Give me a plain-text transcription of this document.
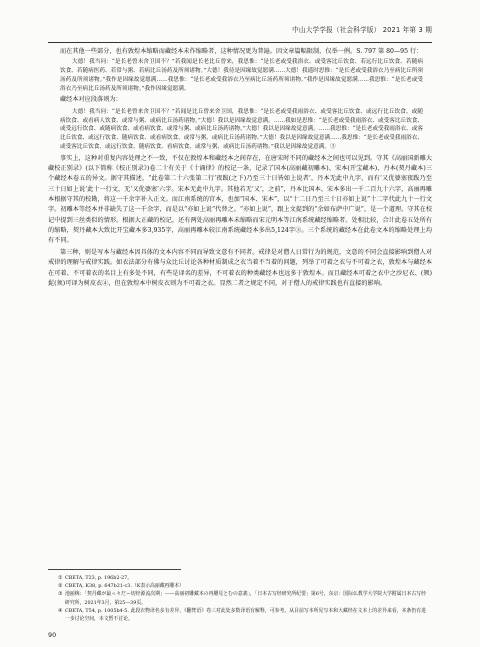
中山大学学报（社会科学版） 2021 年第 3 期

而在其他一些部分，也有敦煌本缩略而藏经本未作缩略者，这种情况更为普遍。因文章篇幅限制，仅举一例。S. 797 第 80—95 行：

大德！我当问：“是长老曾未舍卫国不？”若我闻是长老比丘曾来，我思惟：“是长老或受我浴衣、或受客比丘饮食、若远行比丘饮食、若随病饮食、若随病医药、若常与粥、若病比丘汤药及所须诸物。”大德！我待是因缘故觉愿满……大德！我遥时思惟：“是长老或受我浴衣乃至病比丘所须汤药及所须诸物。”我作是因缘故觉愿满……我思惟：“是长老或受我浴衣乃至病比丘汤药所须诸物。”我作是因缘故觉愿满……我思惟：“是长老或受浴衣乃至病比丘汤药及所须诸物。”我作因缘觉愿满。

藏经本对应段落则为：

大德！我当问：“是长老曾来舍卫国不？”若闻是比丘曾来舍卫国，我思惟：“是长老或受我雨浴衣、或受客比丘饮食、或远行比丘饮食、或随病饮食、或看病人饮食、或常与粥、或病比丘汤药诸物。”大德！我以是因缘故觉意满。……我如是思惟：“是长老或受我雨浴衣、或受客比丘饮食、或受远行饮食、或随病饮食、或看病饮食、或常与粥、或病比丘汤药诸物。”大德！我以是因缘故觉意满。……我思惟：“是长老或受我雨浴衣、或客比丘饮食、或远行饮食、随病饮食、或看病饮食、或常与粥、或病比丘汤药诸物。”大德！我以是因缘故觉意满……我思惟：“是长老或受我雨浴衣、或受客比丘饮食、或远行饮食、随病饮食、看病饮食、或常与粥、或病比丘汤药诸物。”我以是因缘故觉意满。③

事实上，这种对重复内容处理之不一致，不仅在敦煌本和藏经本之间存在，在唐宋时不同的藏经本之间也可以见到。守其《高丽国新雕大藏校正别录》(以下简称《校正别录》)卷二十有关于《十诵律》的校记一条，记录了国本(高丽藏初雕本)、宋本(开宝藏本)、丹本(契丹藏本)三个藏经本卷五的异文。据守其描述，“此卷第二十六张第二行‘夜跋(之下)乃至三十日皆如上说者’，丹本无此中九字，而有‘又优婆塞夜跋乃至三十日如上说’此十一行文，无‘又优婆塞’六字。宋本无此中九字。其他若无‘又’，之前”，丹本比国本、宋本多出一千二百九十六字，高丽再雕本根据守其的校勘，将这一千余字补入正文。而江南系统的宫本，也加“国本、宋本”，以“十二日乃至三十日亦如上说”十二字代此九十一行文字。初雕本等经本并非缺失了这一千余字，而是以“亦如上说”代替之。“亦如上说”，跟上文提到的“余如布萨中广说”，是一个道理。守其在校记中提到三丝类似的情形。根据大正藏的校记，还有两处高丽再雕本未缩略而宋元明本等江南系统藏经缩略者。处相比较，合计此卷五处所有的缩略，契丹藏本大致比开宝藏本多3,935字，高丽再雕本较江南系统藏经本多出5,124字③。三个系统的藏经本在此卷文本的缩略处理上均有不同。

第三种，则是写本与藏经本因具体的文本内容不同而导致文意有不同者。戒律是对僧人日常行为的规范，文意的不同会直接影响到僧人对戒律的理解与戒律实践。如衣法部分有佛与众比丘讨论各种材质制成之衣当着不当着的问题，列举了可着之衣与不可着之衣，敦煌本与藏经本在可着、不可着衣的名目上有多处不同，有些是译名的差异，不可着衣的种类藏经本也远多于敦煌本。而且藏经本可着之衣中之沙尼衣、(颏)髭(须)可译为树皮衣④，但在敦煌本中树皮衣则为不可着之衣。显然二者之规定不同，对于僧人的戒律实践也有直接的影响。

① CBETA, T23, p. 196b2-27。
② CBETA, K38, p. 647b21-c3.（K表示高丽藏再雕本）
③ 池丽梅：「契丹藏が最っ々だー切经源流次期」——高丽初雕藏本の再雕見とむの意義」，「日本古写经研究所纪要」第6号，东京：国际仏教学大学院大学附属日本古写经研究所，2021年3月，第25—39页。
④ CBETA, T54, p. 1005b4-5. 此段衣物译名多有差异，《翻梵语》卷三对此处多数译语有解释，可参考。从目前写本所见写本和大藏经在文本上的差异来看，本条仍有进一步讨论空间，本文暂不讨论。
90
